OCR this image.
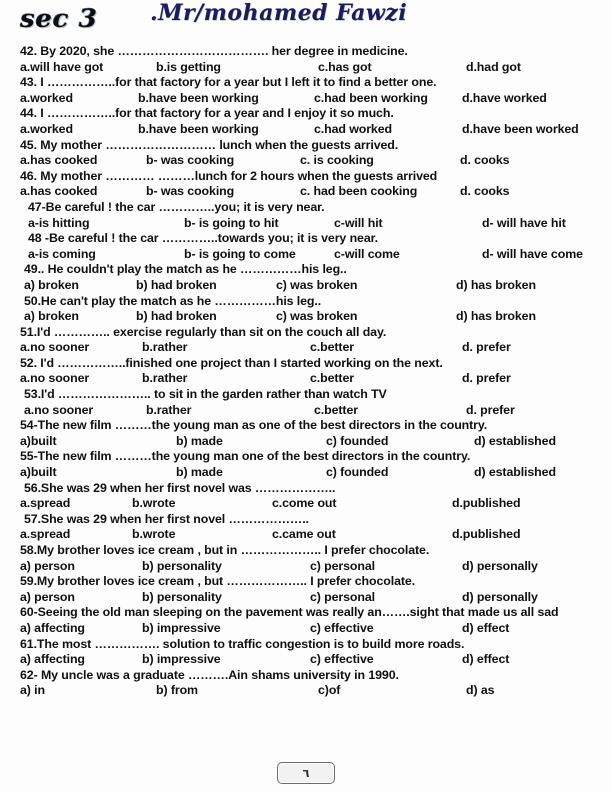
sec 3 .Mr/mohamed Fawzi
42. By 2020, she ………………………………. her degree in medicine.
a.will have got	b.is getting	c.has got	d.had got
43. I ……………..for that factory for a year but I left it to find a better one.
a.worked	b.have been working	c.had been working	d.have worked
44. I ……………..for that factory for a year and I enjoy it so much.
a.worked	b.have been working	c.had worked	d.have been worked
45. My mother ……………………… lunch when the guests arrived.
a.has cooked	b- was cooking	c. is cooking	d. cooks
46. My mother ………… ………lunch for 2 hours when the guests arrived
a.has cooked	b- was cooking	c. had been cooking	d. cooks
47-Be careful ! the car …………..you; it is very near.
a-is hitting	b- is going to hit	c-will hit	d- will have hit
48 -Be careful ! the car …………..towards you; it is very near.
a-is coming	b- is going to come	c-will come	d- will have come
49.. He couldn't play the match as he ……………his leg..
a) broken	b) had broken	c) was broken	d) has broken
50.He can't play the match as he ……………his leg..
a) broken	b) had broken	c) was broken	d) has broken
51.I'd ………….. exercise regularly than sit on the couch all day.
a.no sooner	b.rather	c.better	d. prefer
52. I'd ……………..finished one project than I started working on the next.
a.no sooner	b.rather	c.better	d. prefer
53.I'd ………………….. to sit in the garden rather than watch TV
a.no sooner	b.rather	c.better	d. prefer
54-The new film ………the young man as one of the best directors in the country.
a)built	b) made	c) founded	d) established
55-The new film ………the young man one of the best directors in the country.
a)built	b) made	c) founded	d) established
56.She was 29 when her first novel was ………………..
a.spread	b.wrote	c.come out	d.published
57.She was 29 when her first novel ………………..
a.spread	b.wrote	c.came out	d.published
58.My brother loves ice cream , but in ……………….. I prefer chocolate.
a) person	b) personality	c) personal	d) personally
59.My brother loves ice cream , but ……………….. I prefer chocolate.
a) person	b) personality	c) personal	d) personally
60-Seeing the old man sleeping on the pavement was really an…….sight that made us all sad
a) affecting	b) impressive	c) effective	d) effect
61.The most ……………. solution to traffic congestion is to build more roads.
a) affecting	b) impressive	c) effective	d) effect
62- My uncle was a graduate ……….Ain shams university in 1990.
a) in	b) from	c)of	d) as
٦
